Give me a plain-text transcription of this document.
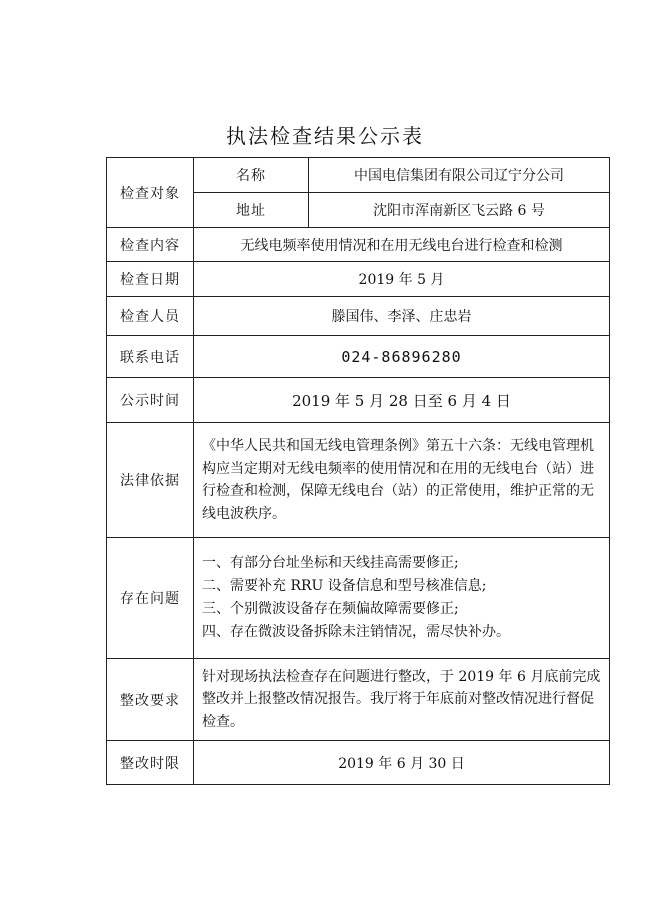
执法检查结果公示表
检查对象	名称	中国电信集团有限公司辽宁分公司
	地址	沈阳市浑南新区飞云路 6 号
检查内容	无线电频率使用情况和在用无线电台进行检查和检测	
检查日期	2019 年 5 月	
检查人员	滕国伟、李泽、庄忠岩	
联系电话	024-86896280	
公示时间	2019 年 5 月 28 日至 6 月 4 日	
法律依据	《中华人民共和国无线电管理条例》第五十六条：无线电管理机构应当定期对无线电频率的使用情况和在用的无线电台（站）进行检查和检测，保障无线电台（站）的正常使用，维护正常的无线电波秩序。	
存在问题	一、有部分台址坐标和天线挂高需要修正;
二、需要补充 RRU 设备信息和型号核准信息;
三、个别微波设备存在频偏故障需要修正;
四、存在微波设备拆除未注销情况，需尽快补办。	

整改要求	针对现场执法检查存在问题进行整改，于 2019 年 6 月底前完成整改并上报整改情况报告。我厅将于年底前对整改情况进行督促检查。	
整改时限	2019 年 6 月 30 日	
